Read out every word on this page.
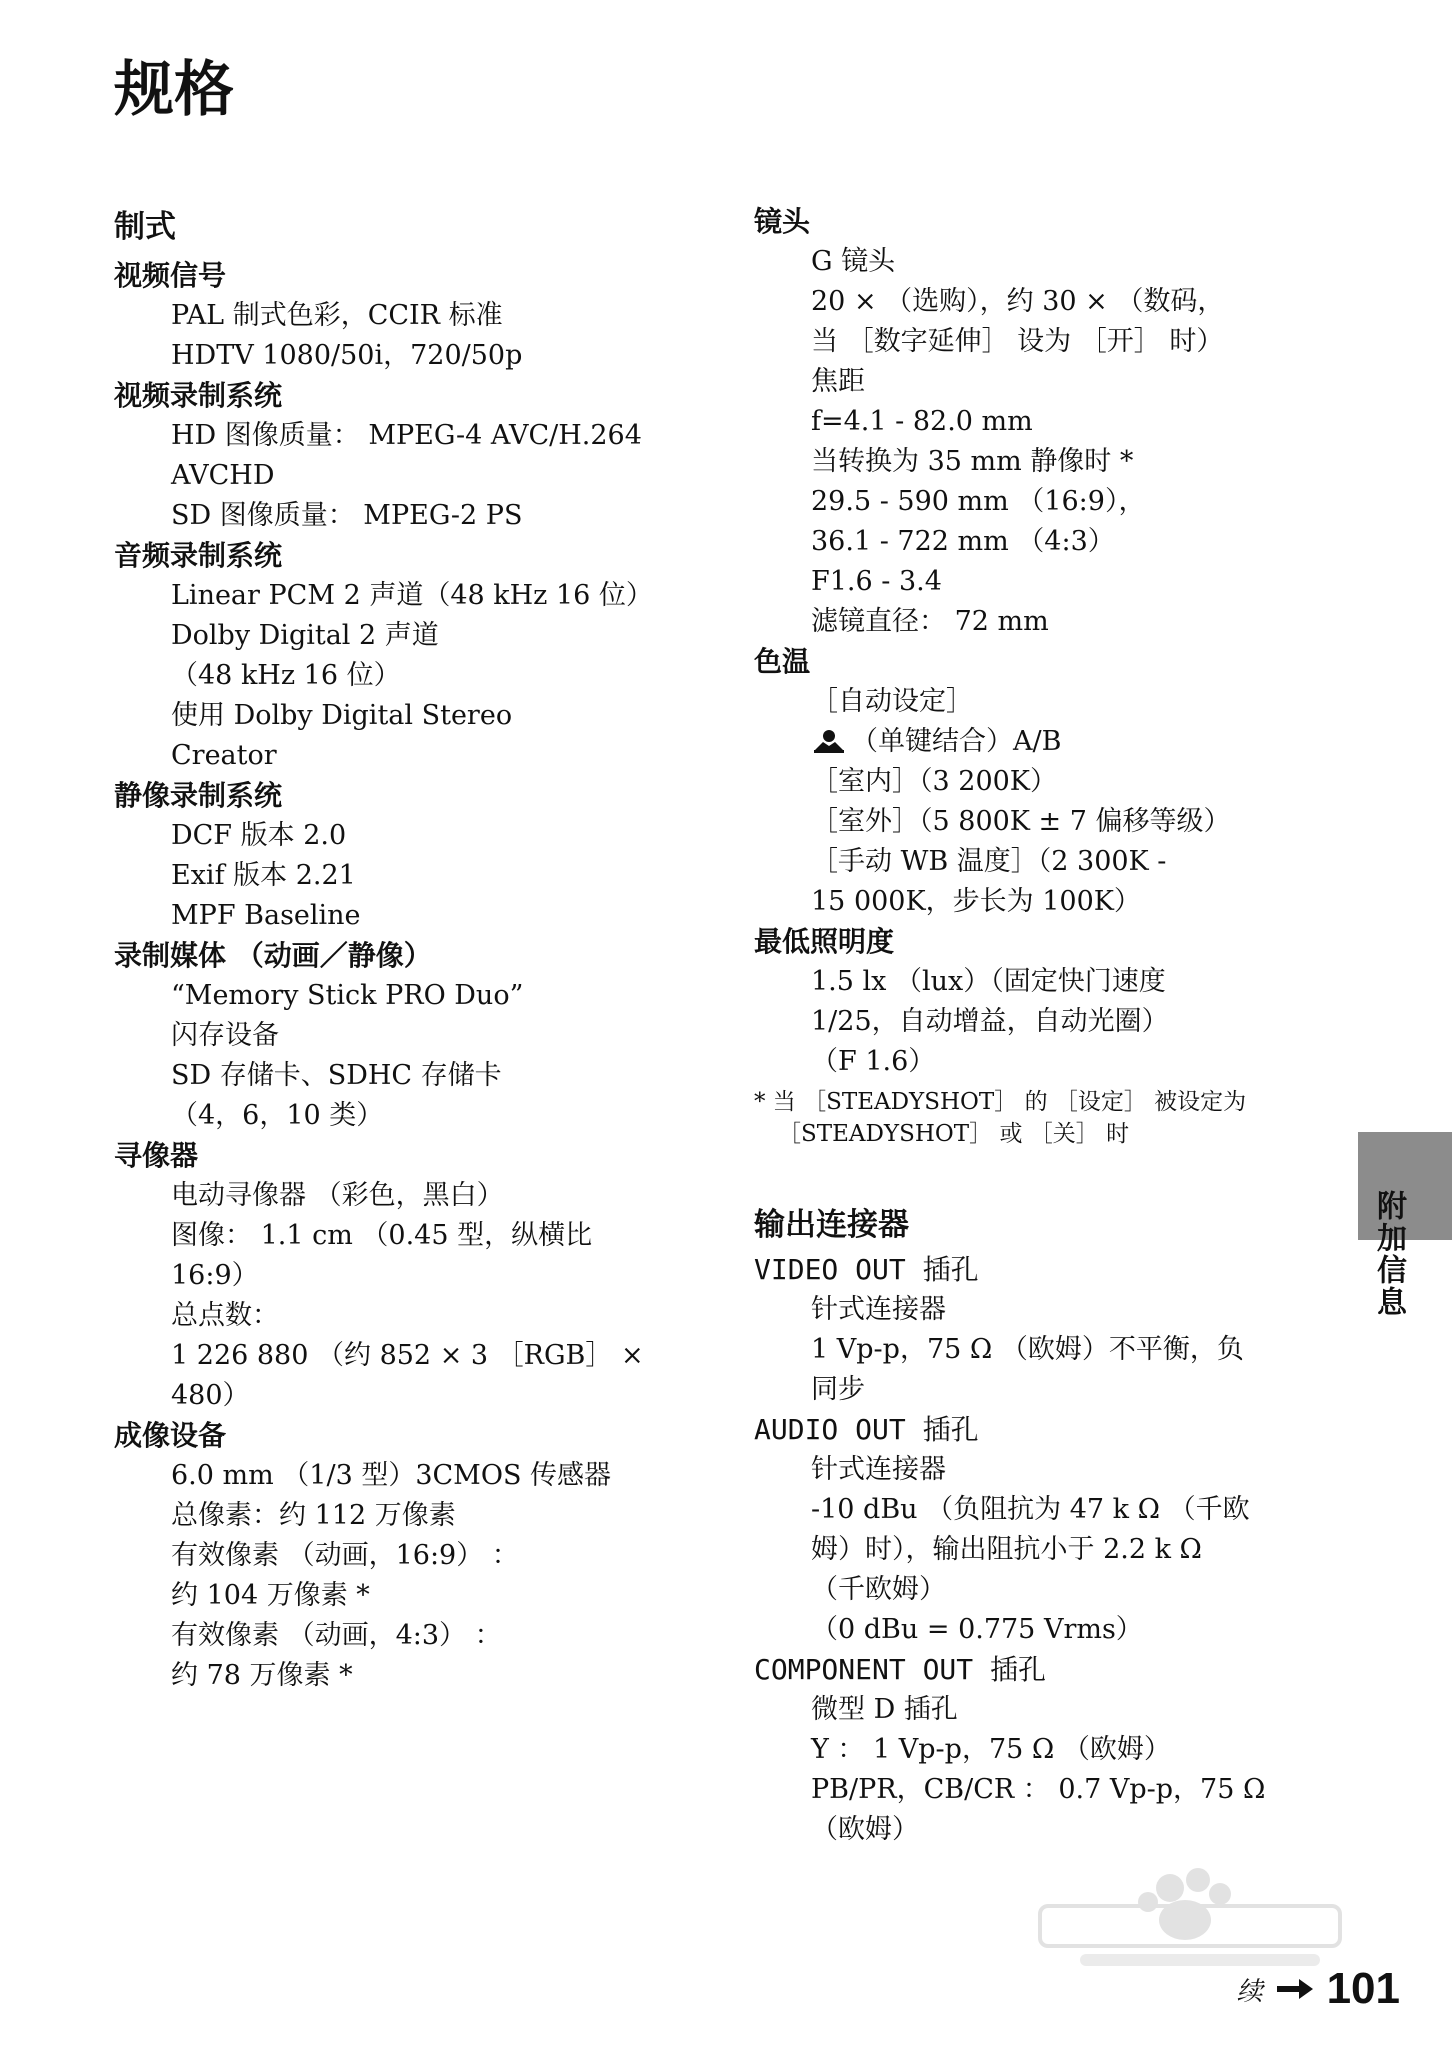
规格
制式
视频信号
PAL 制式色彩，CCIR 标准
HDTV 1080/50i，720/50p
视频录制系统
HD 图像质量： MPEG-4 AVC/H.264
AVCHD
SD 图像质量： MPEG-2 PS
音频录制系统
Linear PCM 2 声道（48 kHz 16 位）
Dolby Digital 2 声道
（48 kHz 16 位）
使用 Dolby Digital Stereo
Creator
静像录制系统
DCF 版本 2.0
Exif 版本 2.21
MPF Baseline
录制媒体 （动画／静像）
“Memory Stick PRO Duo”
闪存设备
SD 存储卡、SDHC 存储卡
（4，6，10 类）
寻像器
电动寻像器 （彩色，黑白）
图像： 1.1 cm （0.45 型，纵横比
16:9）
总点数：
1 226 880 （约 852 × 3 ［RGB］ ×
480）
成像设备
6.0 mm （1/3 型）3CMOS 传感器
总像素：约 112 万像素
有效像素 （动画，16:9） ：
约 104 万像素 *
有效像素 （动画，4:3） ：
约 78 万像素 *
镜头
G 镜头
20 × （选购），约 30 × （数码，
当 ［数字延伸］ 设为 ［开］ 时）
焦距
f=4.1 - 82.0 mm
当转换为 35 mm 静像时 *
29.5 - 590 mm （16:9），
36.1 - 722 mm （4:3）
F1.6 - 3.4
滤镜直径： 72 mm
色温
［自动设定］
（单键结合）A/B
［室内］（3 200K）
［室外］（5 800K ± 7 偏移等级）
［手动 WB 温度］（2 300K -
15 000K，步长为 100K）
最低照明度
1.5 lx （lux）（固定快门速度
1/25，自动增益，自动光圈）
（F 1.6）
* 当 ［STEADYSHOT］ 的 ［设定］ 被设定为
［STEADYSHOT］ 或 ［关］ 时
输出连接器
VIDEO OUT 插孔
针式连接器
1 Vp-p，75 Ω （欧姆）不平衡，负
同步
AUDIO OUT 插孔
针式连接器
-10 dBu （负阻抗为 47 k Ω （千欧
姆）时），输出阻抗小于 2.2 k Ω
（千欧姆）
（0 dBu = 0.775 Vrms）
COMPONENT OUT 插孔
微型 D 插孔
Y ： 1 Vp-p，75 Ω （欧姆）
PB/PR，CB/CR ： 0.7 Vp-p，75 Ω
（欧姆）
附加信息
续 101
